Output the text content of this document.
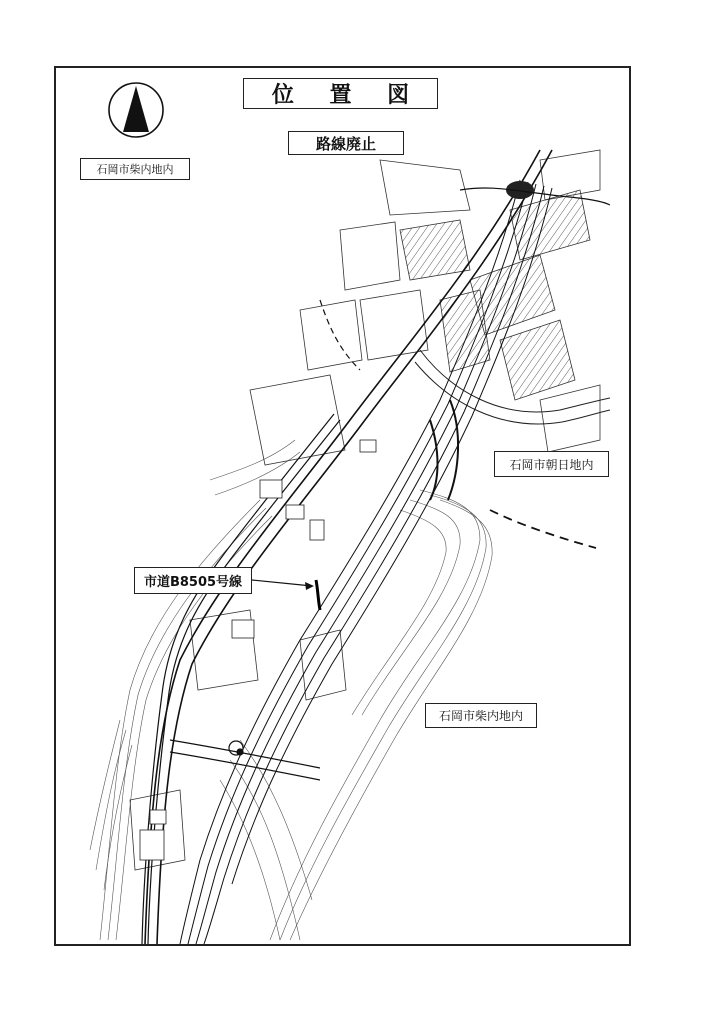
位 置 図
路線廃止
石岡市柴内地内
石岡市朝日地内
市道B8505号線
石岡市柴内地内
